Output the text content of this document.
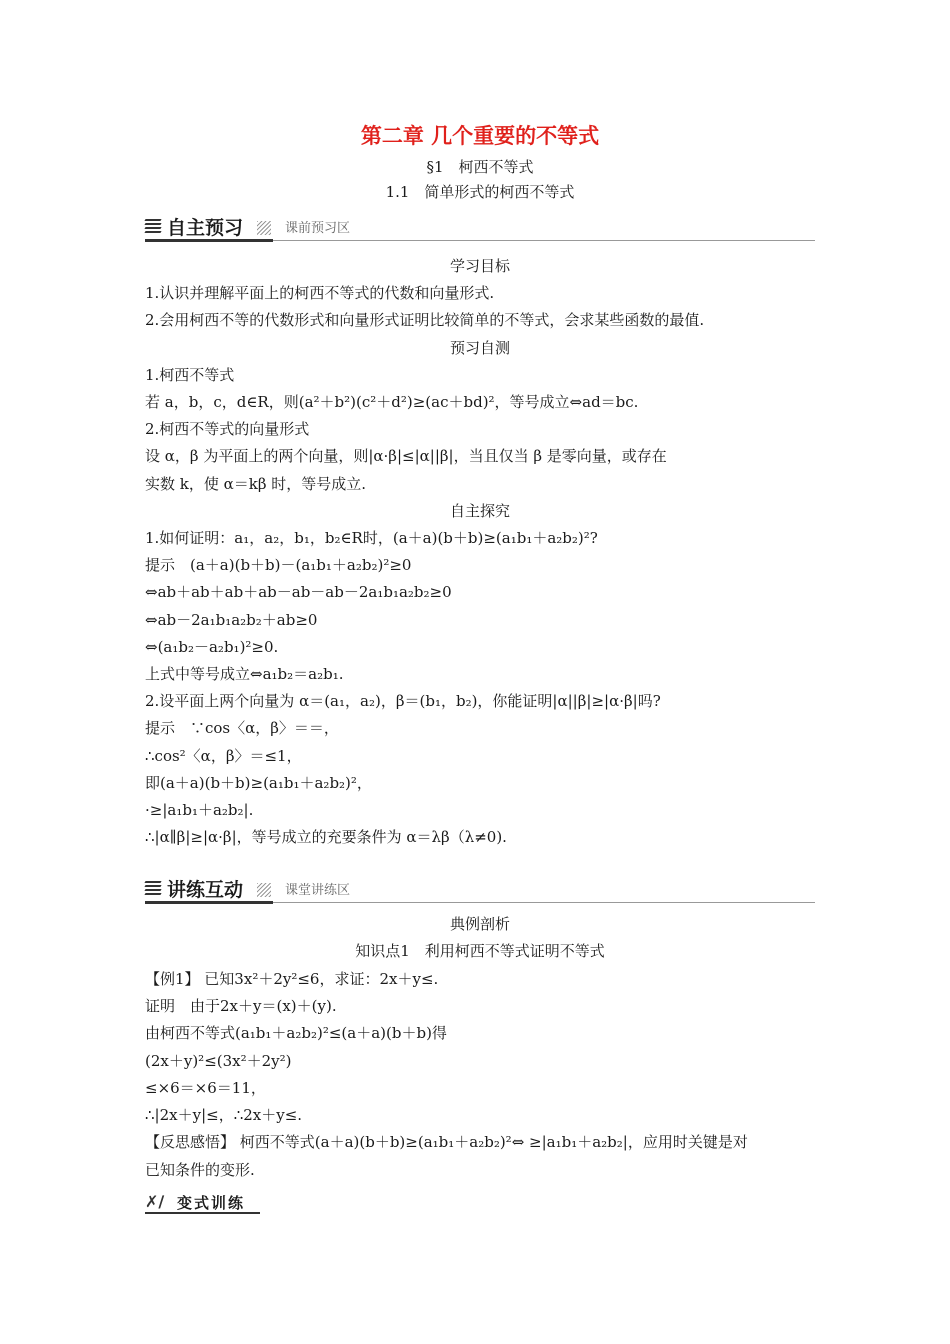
第二章 几个重要的不等式
§1　柯西不等式
1.1　简单形式的柯西不等式
自主预习	课前预习区
学习目标
1.认识并理解平面上的柯西不等式的代数和向量形式.
2.会用柯西不等的代数形式和向量形式证明比较简单的不等式，会求某些函数的最值.
预习自测
1.柯西不等式
若 a，b，c，d∈R，则(a²＋b²)(c²＋d²)≥(ac＋bd)²，等号成立⇔ad＝bc.
2.柯西不等式的向量形式
设 α，β 为平面上的两个向量，则|α·β|≤|α||β|，当且仅当 β 是零向量，或存在
实数 k，使 α＝kβ 时，等号成立.
自主探究
1.如何证明：a₁，a₂，b₁，b₂∈R时，(a＋a)(b＋b)≥(a₁b₁＋a₂b₂)²?
提示　(a＋a)(b＋b)－(a₁b₁＋a₂b₂)²≥0
⇔ab＋ab＋ab＋ab－ab－ab－2a₁b₁a₂b₂≥0
⇔ab－2a₁b₁a₂b₂＋ab≥0
⇔(a₁b₂－a₂b₁)²≥0.
上式中等号成立⇔a₁b₂＝a₂b₁.
2.设平面上两个向量为 α＝(a₁，a₂)，β＝(b₁，b₂)，你能证明|α||β|≥|α·β|吗?
提示　∵cos〈α，β〉＝＝，
∴cos²〈α，β〉＝≤1，
即(a＋a)(b＋b)≥(a₁b₁＋a₂b₂)²，
·≥|a₁b₁＋a₂b₂|.
∴|α∥β|≥|α·β|，等号成立的充要条件为 α＝λβ（λ≠0).
讲练互动	课堂讲练区
典例剖析
知识点1　利用柯西不等式证明不等式
【例1】 已知3x²＋2y²≤6，求证：2x＋y≤.
证明　由于2x＋y＝(x)＋(y).
由柯西不等式(a₁b₁＋a₂b₂)²≤(a＋a)(b＋b)得
(2x＋y)²≤(3x²＋2y²)
≤×6＝×6＝11，
∴|2x＋y|≤，∴2x＋y≤.
【反思感悟】 柯西不等式(a＋a)(b＋b)≥(a₁b₁＋a₂b₂)²⇔ ≥|a₁b₁＋a₂b₂|，应用时关键是对
已知条件的变形.
✗∕ 变式训练
